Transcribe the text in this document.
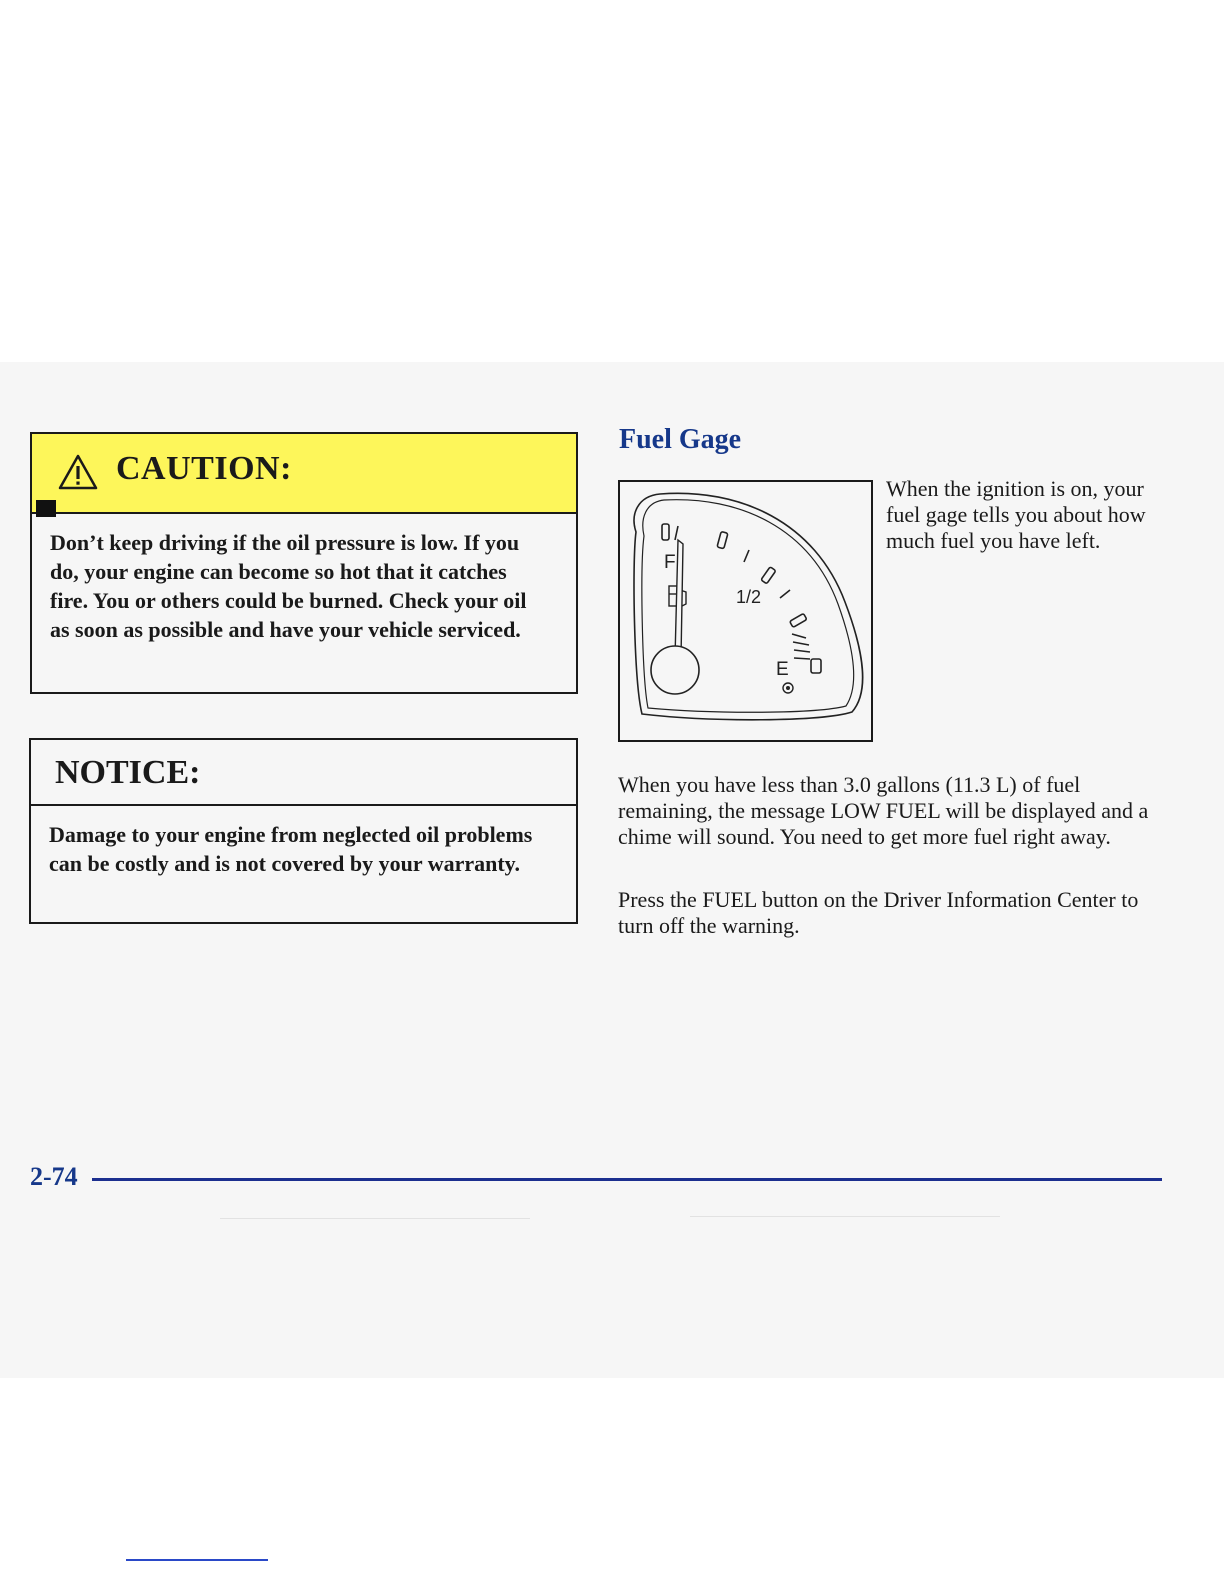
CAUTION:
Don’t keep driving if the oil pressure is low. If you do, your engine can become so hot that it catches fire. You or others could be burned. Check your oil as soon as possible and have your vehicle serviced.
NOTICE:
Damage to your engine from neglected oil problems can be costly and is not covered by your warranty.
Fuel Gage
F
1/2
E
When the ignition is on, your fuel gage tells you about how much fuel you have left.
When you have less than 3.0 gallons (11.3 L) of fuel remaining, the message LOW FUEL will be displayed and a chime will sound. You need to get more fuel right away.
Press the FUEL button on the Driver Information Center to turn off the warning.
2-74
